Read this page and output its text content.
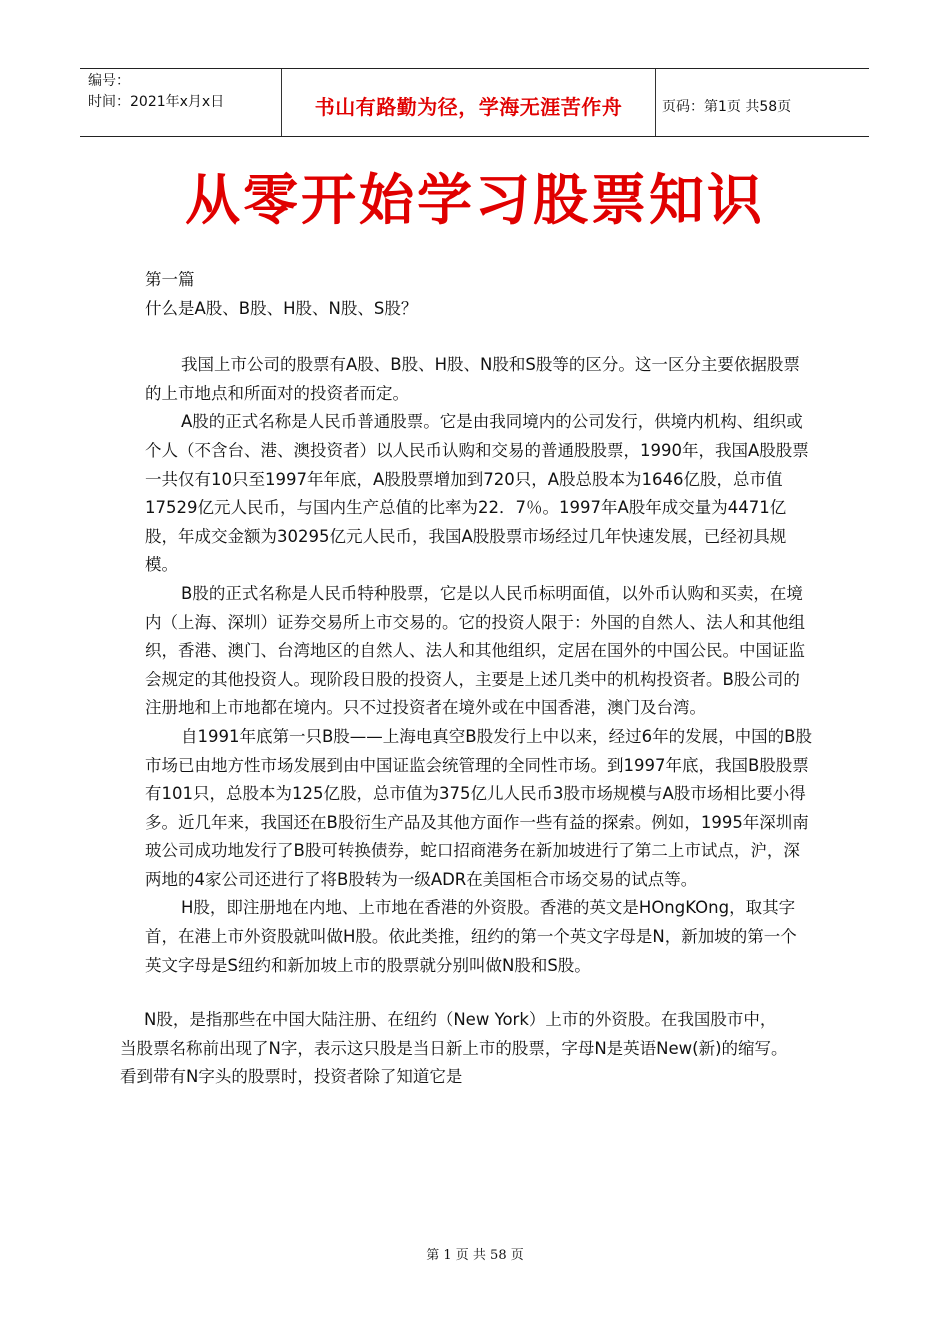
编号：
时间：2021年x月x日	书山有路勤为径，学海无涯苦作舟	页码：第1页 共58页
从零开始学习股票知识

第一篇

什么是A股、B股、H股、N股、S股？

我国上市公司的股票有A股、B股、H股、N股和S股等的区分。这一区分主要依据股票的上市地点和所面对的投资者而定。

A股的正式名称是人民币普通股票。它是由我同境内的公司发行，供境内机构、组织或个人（不含台、港、澳投资者）以人民币认购和交易的普通股股票，1990年，我国A股股票一共仅有10只至1997年年底，A股股票增加到720只，A股总股本为1646亿股，总市值17529亿元人民币，与国内生产总值的比率为22．7％。1997年A股年成交量为4471亿股，年成交金额为30295亿元人民币，我国A股股票市场经过几年快速发展，已经初具规模。

B股的正式名称是人民币特种股票，它是以人民币标明面值，以外币认购和买卖，在境内（上海、深圳）证券交易所上市交易的。它的投资人限于：外国的自然人、法人和其他组织，香港、澳门、台湾地区的自然人、法人和其他组织，定居在国外的中国公民。中国证监会规定的其他投资人。现阶段日股的投资人，主要是上述几类中的机构投资者。B股公司的注册地和上市地都在境内。只不过投资者在境外或在中国香港，澳门及台湾。

自1991年底第一只B股——上海电真空B股发行上中以来，经过6年的发展，中国的B股市场已由地方性市场发展到由中国证监会统管理的全同性市场。到1997年底，我国B股股票有101只，总股本为125亿股，总市值为375亿儿人民币3股市场规模与A股市场相比要小得多。近几年来，我国还在B股衍生产品及其他方面作一些有益的探索。例如，1995年深圳南玻公司成功地发行了B股可转换债券，蛇口招商港务在新加坡进行了第二上市试点，沪，深两地的4家公司还进行了将B股转为一级ADR在美国柜合市场交易的试点等。

H股，即注册地在内地、上市地在香港的外资股。香港的英文是HOngKOng，取其字首，在港上市外资股就叫做H股。依此类推，纽约的第一个英文字母是N，新加坡的第一个英文字母是S纽约和新加坡上市的股票就分别叫做N股和S股。

N股，是指那些在中国大陆注册、在纽约（New York）上市的外资股。在我国股市中，当股票名称前出现了N字，表示这只股是当日新上市的股票，字母N是英语New(新)的缩写。看到带有N字头的股票时，投资者除了知道它是

第 1 页 共 58 页
